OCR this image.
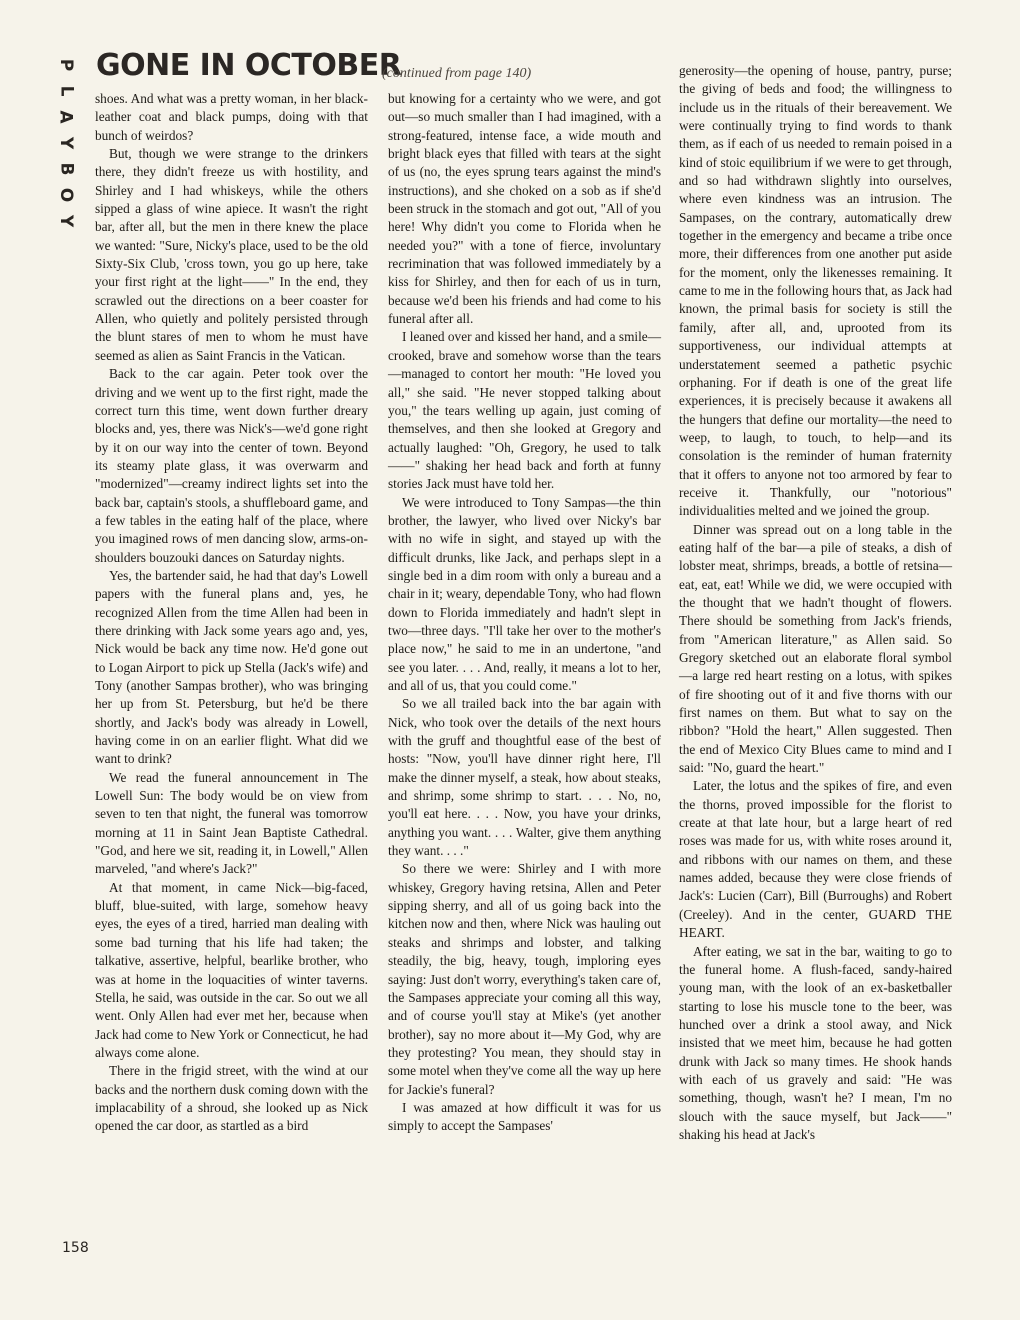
P
L
A
Y
B
O
Y
GONE IN OCTOBER
(continued from page 140)

shoes. And what was a pretty woman, in her black-leather coat and black pumps, doing with that bunch of weirdos?

But, though we were strange to the drinkers there, they didn't freeze us with hostility, and Shirley and I had whiskeys, while the others sipped a glass of wine apiece. It wasn't the right bar, after all, but the men in there knew the place we wanted: "Sure, Nicky's place, used to be the old Sixty-Six Club, 'cross town, you go up here, take your first right at the light——" In the end, they scrawled out the directions on a beer coaster for Allen, who quietly and politely persisted through the blunt stares of men to whom he must have seemed as alien as Saint Francis in the Vatican.

Back to the car again. Peter took over the driving and we went up to the first right, made the correct turn this time, went down further dreary blocks and, yes, there was Nick's—we'd gone right by it on our way into the center of town. Beyond its steamy plate glass, it was overwarm and "modernized"—creamy indirect lights set into the back bar, captain's stools, a shuffleboard game, and a few tables in the eating half of the place, where you imagined rows of men dancing slow, arms-on-shoulders bouzouki dances on Saturday nights.

Yes, the bartender said, he had that day's Lowell papers with the funeral plans and, yes, he recognized Allen from the time Allen had been in there drinking with Jack some years ago and, yes, Nick would be back any time now. He'd gone out to Logan Airport to pick up Stella (Jack's wife) and Tony (another Sampas brother), who was bringing her up from St. Petersburg, but he'd be there shortly, and Jack's body was already in Lowell, having come in on an earlier flight. What did we want to drink?

We read the funeral announcement in The Lowell Sun: The body would be on view from seven to ten that night, the funeral was tomorrow morning at 11 in Saint Jean Baptiste Cathedral. "God, and here we sit, reading it, in Lowell," Allen marveled, "and where's Jack?"

At that moment, in came Nick—big-faced, bluff, blue-suited, with large, somehow heavy eyes, the eyes of a tired, harried man dealing with some bad turning that his life had taken; the talkative, assertive, helpful, bearlike brother, who was at home in the loquacities of winter taverns. Stella, he said, was outside in the car. So out we all went. Only Allen had ever met her, because when Jack had come to New York or Connecticut, he had always come alone.

There in the frigid street, with the wind at our backs and the northern dusk coming down with the implacability of a shroud, she looked up as Nick opened the car door, as startled as a bird

but knowing for a certainty who we were, and got out—so much smaller than I had imagined, with a strong-featured, intense face, a wide mouth and bright black eyes that filled with tears at the sight of us (no, the eyes sprung tears against the mind's instructions), and she choked on a sob as if she'd been struck in the stomach and got out, "All of you here! Why didn't you come to Florida when he needed you?" with a tone of fierce, involuntary recrimination that was followed immediately by a kiss for Shirley, and then for each of us in turn, because we'd been his friends and had come to his funeral after all.

I leaned over and kissed her hand, and a smile—crooked, brave and somehow worse than the tears—managed to contort her mouth: "He loved you all," she said. "He never stopped talking about you," the tears welling up again, just coming of themselves, and then she looked at Gregory and actually laughed: "Oh, Gregory, he used to talk——" shaking her head back and forth at funny stories Jack must have told her.

We were introduced to Tony Sampas—the thin brother, the lawyer, who lived over Nicky's bar with no wife in sight, and stayed up with the difficult drunks, like Jack, and perhaps slept in a single bed in a dim room with only a bureau and a chair in it; weary, dependable Tony, who had flown down to Florida immediately and hadn't slept in two—three days. "I'll take her over to the mother's place now," he said to me in an undertone, "and see you later. . . . And, really, it means a lot to her, and all of us, that you could come."

So we all trailed back into the bar again with Nick, who took over the details of the next hours with the gruff and thoughtful ease of the best of hosts: "Now, you'll have dinner right here, I'll make the dinner myself, a steak, how about steaks, and shrimp, some shrimp to start. . . . No, no, you'll eat here. . . . Now, you have your drinks, anything you want. . . . Walter, give them anything they want. . . ."

So there we were: Shirley and I with more whiskey, Gregory having retsina, Allen and Peter sipping sherry, and all of us going back into the kitchen now and then, where Nick was hauling out steaks and shrimps and lobster, and talking steadily, the big, heavy, tough, imploring eyes saying: Just don't worry, everything's taken care of, the Sampases appreciate your coming all this way, and of course you'll stay at Mike's (yet another brother), say no more about it—My God, why are they protesting? You mean, they should stay in some motel when they've come all the way up here for Jackie's funeral?

I was amazed at how difficult it was for us simply to accept the Sampases'

generosity—the opening of house, pantry, purse; the giving of beds and food; the willingness to include us in the rituals of their bereavement. We were continually trying to find words to thank them, as if each of us needed to remain poised in a kind of stoic equilibrium if we were to get through, and so had withdrawn slightly into ourselves, where even kindness was an intrusion. The Sampases, on the contrary, automatically drew together in the emergency and became a tribe once more, their differences from one another put aside for the moment, only the likenesses remaining. It came to me in the following hours that, as Jack had known, the primal basis for society is still the family, after all, and, uprooted from its supportiveness, our individual attempts at understatement seemed a pathetic psychic orphaning. For if death is one of the great life experiences, it is precisely because it awakens all the hungers that define our mortality—the need to weep, to laugh, to touch, to help—and its consolation is the reminder of human fraternity that it offers to anyone not too armored by fear to receive it. Thankfully, our "notorious" individualities melted and we joined the group.

Dinner was spread out on a long table in the eating half of the bar—a pile of steaks, a dish of lobster meat, shrimps, breads, a bottle of retsina—eat, eat, eat! While we did, we were occupied with the thought that we hadn't thought of flowers. There should be something from Jack's friends, from "American literature," as Allen said. So Gregory sketched out an elaborate floral symbol —a large red heart resting on a lotus, with spikes of fire shooting out of it and five thorns with our first names on them. But what to say on the ribbon? "Hold the heart," Allen suggested. Then the end of Mexico City Blues came to mind and I said: "No, guard the heart."

Later, the lotus and the spikes of fire, and even the thorns, proved impossible for the florist to create at that late hour, but a large heart of red roses was made for us, with white roses around it, and ribbons with our names on them, and these names added, because they were close friends of Jack's: Lucien (Carr), Bill (Burroughs) and Robert (Creeley). And in the center, GUARD THE HEART.

After eating, we sat in the bar, waiting to go to the funeral home. A flush-faced, sandy-haired young man, with the look of an ex-basketballer starting to lose his muscle tone to the beer, was hunched over a drink a stool away, and Nick insisted that we meet him, because he had gotten drunk with Jack so many times. He shook hands with each of us gravely and said: "He was something, though, wasn't he? I mean, I'm no slouch with the sauce myself, but Jack——" shaking his head at Jack's

158
